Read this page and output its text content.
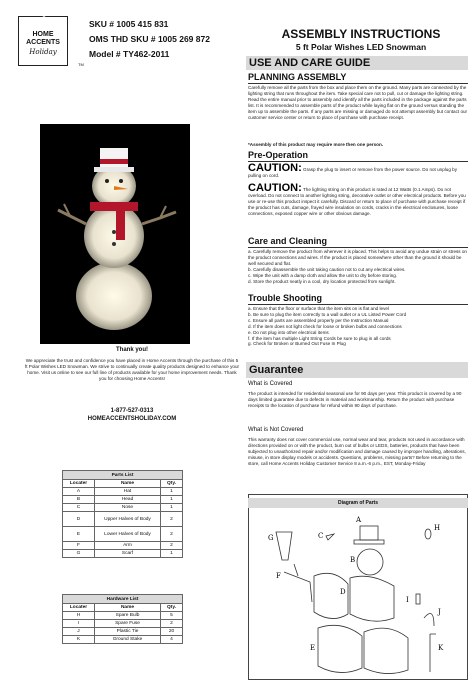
HOME
ACCENTS
Holiday
TM
SKU # 1005 415 831
OMS THD SKU # 1005 269 872
Model # TY462-2011
ASSEMBLY INSTRUCTIONS
5 ft Polar Wishes LED Snowman
USE AND CARE GUIDE
PLANNING ASSEMBLY
Carefully remove all the parts from the box and place them on the ground. Many parts are connected by the lighting string that runs throughout the item. Take special care not to pull, cut or damage the lighting string. Read the entire manual prior to assembly and identify all the parts included in the package against the parts list. It is recommended to assemble parts of the product while laying flat on the ground versus standing the item up to assemble the parts. If any parts are missing or damaged do not attempt assembly but contact our customer service center or return to place of purchase with purchase receipt.
*Assembly of this product may require more then one person.
Pre-Operation
CAUTION: Grasp the plug to insert or remove from the power source. Do not unplug by pulling on cord.
CAUTION: The lighting string on this product is rated at 12 Watts (0.1 Amps). Do not overload. Do not connect to another lighting string, decorative outlet or other electrical products. Before you use or re-use this product inspect it carefully. Discard or return to place of purchase with purchase receipt if the product has cuts, damage, frayed wire insulation on cords, cracks in the electrical enclosures, loose connections, exposed copper wire or other obvious damage.
Care and Cleaning
a. Carefully remove the product from wherever it is placed. This helps to avoid any undue strain or stress on the product connections and wires. If the product is placed somewhere other than the ground it should be well secured and flat.
b. Carefully disassemble the unit taking caution not to cut any electrical wires.
c. Wipe the unit with a damp cloth and allow the unit to dry before storing.
d. Store the product neatly in a cool, dry location protected from sunlight.
Trouble Shooting
a. Ensure that the floor or surface that the item sits on is flat and level
b. Be sure to plug the item correctly to a wall outlet or a UL Listed Power Cord
c. Ensure all parts are assembled properly per the Instruction Manual
d. If the item does not light check for loose or broken bulbs and connections
e. Do not plug into other electrical items
f. If the item has multiple Light String Cords be sure to plug in all cords
g. Check for Broken or Burned Out Fuse In Plug
Guarantee
What is Covered
The product is intended for residential seasonal use for 90 days per year. This product is covered by a 90 days limited guarantee due to defects in material and workmanship. Return the product with purchase receipts to the location of purchase for refund within 90 days of purchase.
What is Not Covered
This warranty does not cover commercial use, normal wear and tear, products not used in accordance with directions provided on or with the product, burn out of bulbs or LEDS, batteries, products that have been subjected to unauthorized repair and/or modification and damage caused by improper handling, alterations, misuse, in store display models or accidents. Questions, problems, missing parts? Before returning to the store, call Home Accents Holiday Customer Service 8 a.m.-6 p.m., EST, Monday-Friday
Thank you!
We appreciate the trust and confidence you have placed in Home Accents through the purchase of this 5 ft Polar Wishes LED Snowman. We strive to continually create quality products designed to enhance your home. Visit us online to see our full line of products available for your home improvement needs. Thank you for choosing Home Accents!
1-877-527-0313
HOMEACCENTSHOLIDAY.COM
Parts List		
Locater	Name	Qty.
A	Hat	1
B	Head	1
C	Nose	1
D	Upper Halves of Body	2
E	Lower Halves of Body	2
F	Arm	2
G	Scarf	1
Hardware List		
Locater	Name	Qty.
H	Spare Bulb	5
I	Spare Fuse	2
J	Plastic Tie	20
K	Ground Stake	4
Diagram of Parts
G	C
A
H
B
F
D
I
J
E	K
